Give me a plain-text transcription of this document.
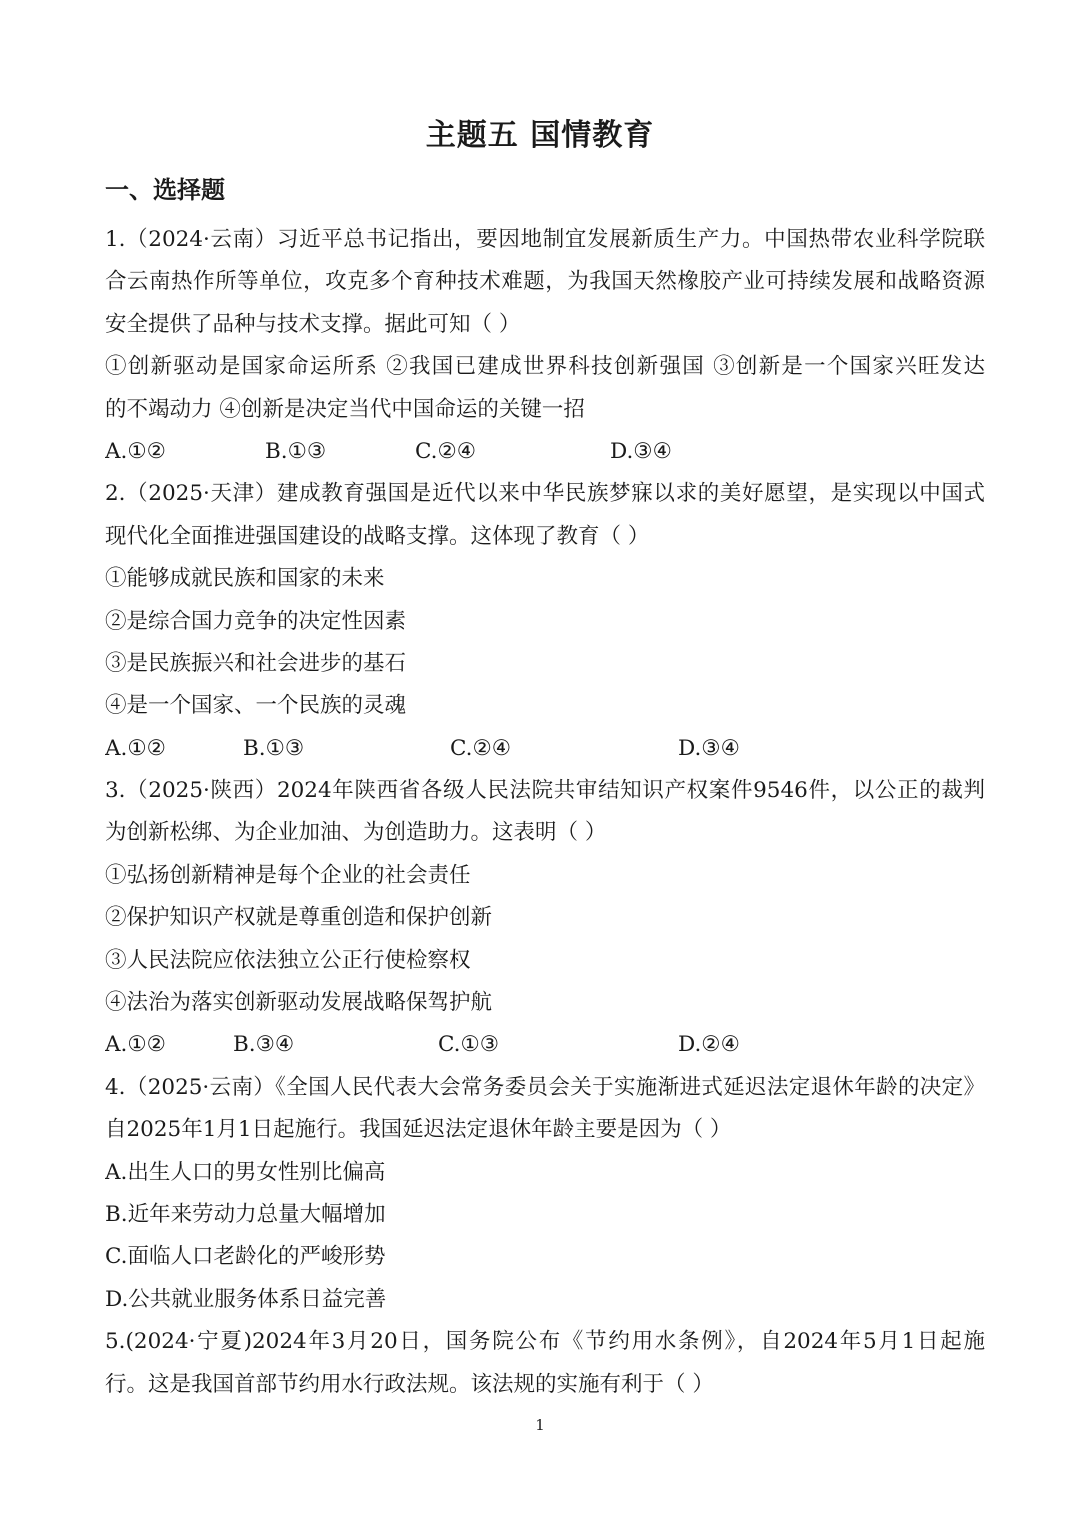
主题五 国情教育
一、选择题
1.（2024·云南）习近平总书记指出，要因地制宜发展新质生产力。中国热带农业科学院联
合云南热作所等单位，攻克多个育种技术难题，为我国天然橡胶产业可持续发展和战略资源
安全提供了品种与技术支撑。据此可知（ ）
①创新驱动是国家命运所系 ②我国已建成世界科技创新强国 ③创新是一个国家兴旺发达
的不竭动力 ④创新是决定当代中国命运的关键一招
A.①②	B.①③	C.②④	D.③④
2.（2025·天津）建成教育强国是近代以来中华民族梦寐以求的美好愿望，是实现以中国式
现代化全面推进强国建设的战略支撑。这体现了教育（ ）
①能够成就民族和国家的未来
②是综合国力竞争的决定性因素
③是民族振兴和社会进步的基石
④是一个国家、一个民族的灵魂
A.①②	B.①③	C.②④	D.③④
3.（2025·陕西）2024年陕西省各级人民法院共审结知识产权案件9546件，以公正的裁判
为创新松绑、为企业加油、为创造助力。这表明（ ）
①弘扬创新精神是每个企业的社会责任
②保护知识产权就是尊重创造和保护创新
③人民法院应依法独立公正行使检察权
④法治为落实创新驱动发展战略保驾护航
A.①②	B.③④	C.①③	D.②④
4.（2025·云南）《全国人民代表大会常务委员会关于实施渐进式延迟法定退休年龄的决定》
自2025年1月1日起施行。我国延迟法定退休年龄主要是因为（ ）
A.出生人口的男女性别比偏高
B.近年来劳动力总量大幅增加
C.面临人口老龄化的严峻形势
D.公共就业服务体系日益完善
5.(2024·宁夏)2024年3月20日，国务院公布《节约用水条例》，自2024年5月1日起施
行。这是我国首部节约用水行政法规。该法规的实施有利于（ ）
1
